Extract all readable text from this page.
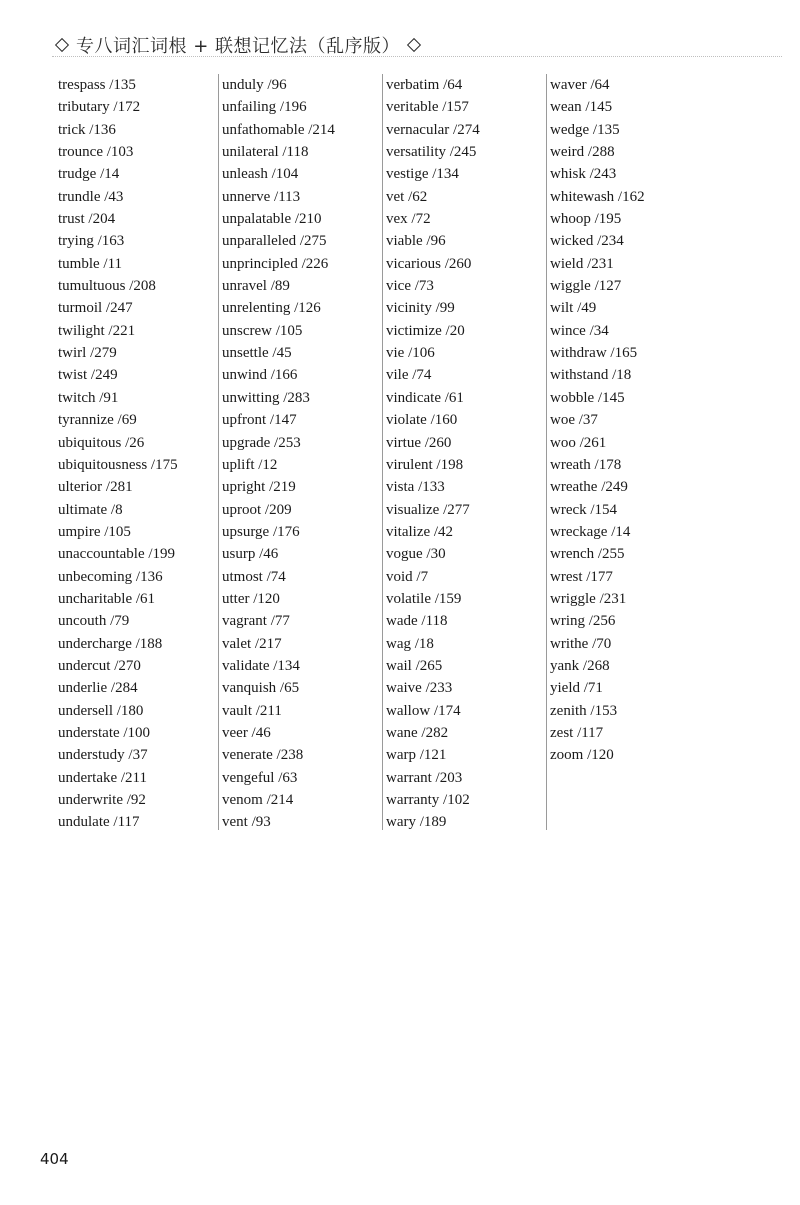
专八词汇词根 + 联想记忆法（乱序版）
trespass /135
tributary /172
trick /136
trounce /103
trudge /14
trundle /43
trust /204
trying /163
tumble /11
tumultuous /208
turmoil /247
twilight /221
twirl /279
twist /249
twitch /91
tyrannize /69
ubiquitous /26
ubiquitousness /175
ulterior /281
ultimate /8
umpire /105
unaccountable /199
unbecoming /136
uncharitable /61
uncouth /79
undercharge /188
undercut /270
underlie /284
undersell /180
understate /100
understudy /37
undertake /211
underwrite /92
undulate /117
unduly /96
unfailing /196
unfathomable /214
unilateral /118
unleash /104
unnerve /113
unpalatable /210
unparalleled /275
unprincipled /226
unravel /89
unrelenting /126
unscrew /105
unsettle /45
unwind /166
unwitting /283
upfront /147
upgrade /253
uplift /12
upright /219
uproot /209
upsurge /176
usurp /46
utmost /74
utter /120
vagrant /77
valet /217
validate /134
vanquish /65
vault /211
veer /46
venerate /238
vengeful /63
venom /214
vent /93
verbatim /64
veritable /157
vernacular /274
versatility /245
vestige /134
vet /62
vex /72
viable /96
vicarious /260
vice /73
vicinity /99
victimize /20
vie /106
vile /74
vindicate /61
violate /160
virtue /260
virulent /198
vista /133
visualize /277
vitalize /42
vogue /30
void /7
volatile /159
wade /118
wag /18
wail /265
waive /233
wallow /174
wane /282
warp /121
warrant /203
warranty /102
wary /189
waver /64
wean /145
wedge /135
weird /288
whisk /243
whitewash /162
whoop /195
wicked /234
wield /231
wiggle /127
wilt /49
wince /34
withdraw /165
withstand /18
wobble /145
woe /37
woo /261
wreath /178
wreathe /249
wreck /154
wreckage /14
wrench /255
wrest /177
wriggle /231
wring /256
writhe /70
yank /268
yield /71
zenith /153
zest /117
zoom /120
404
